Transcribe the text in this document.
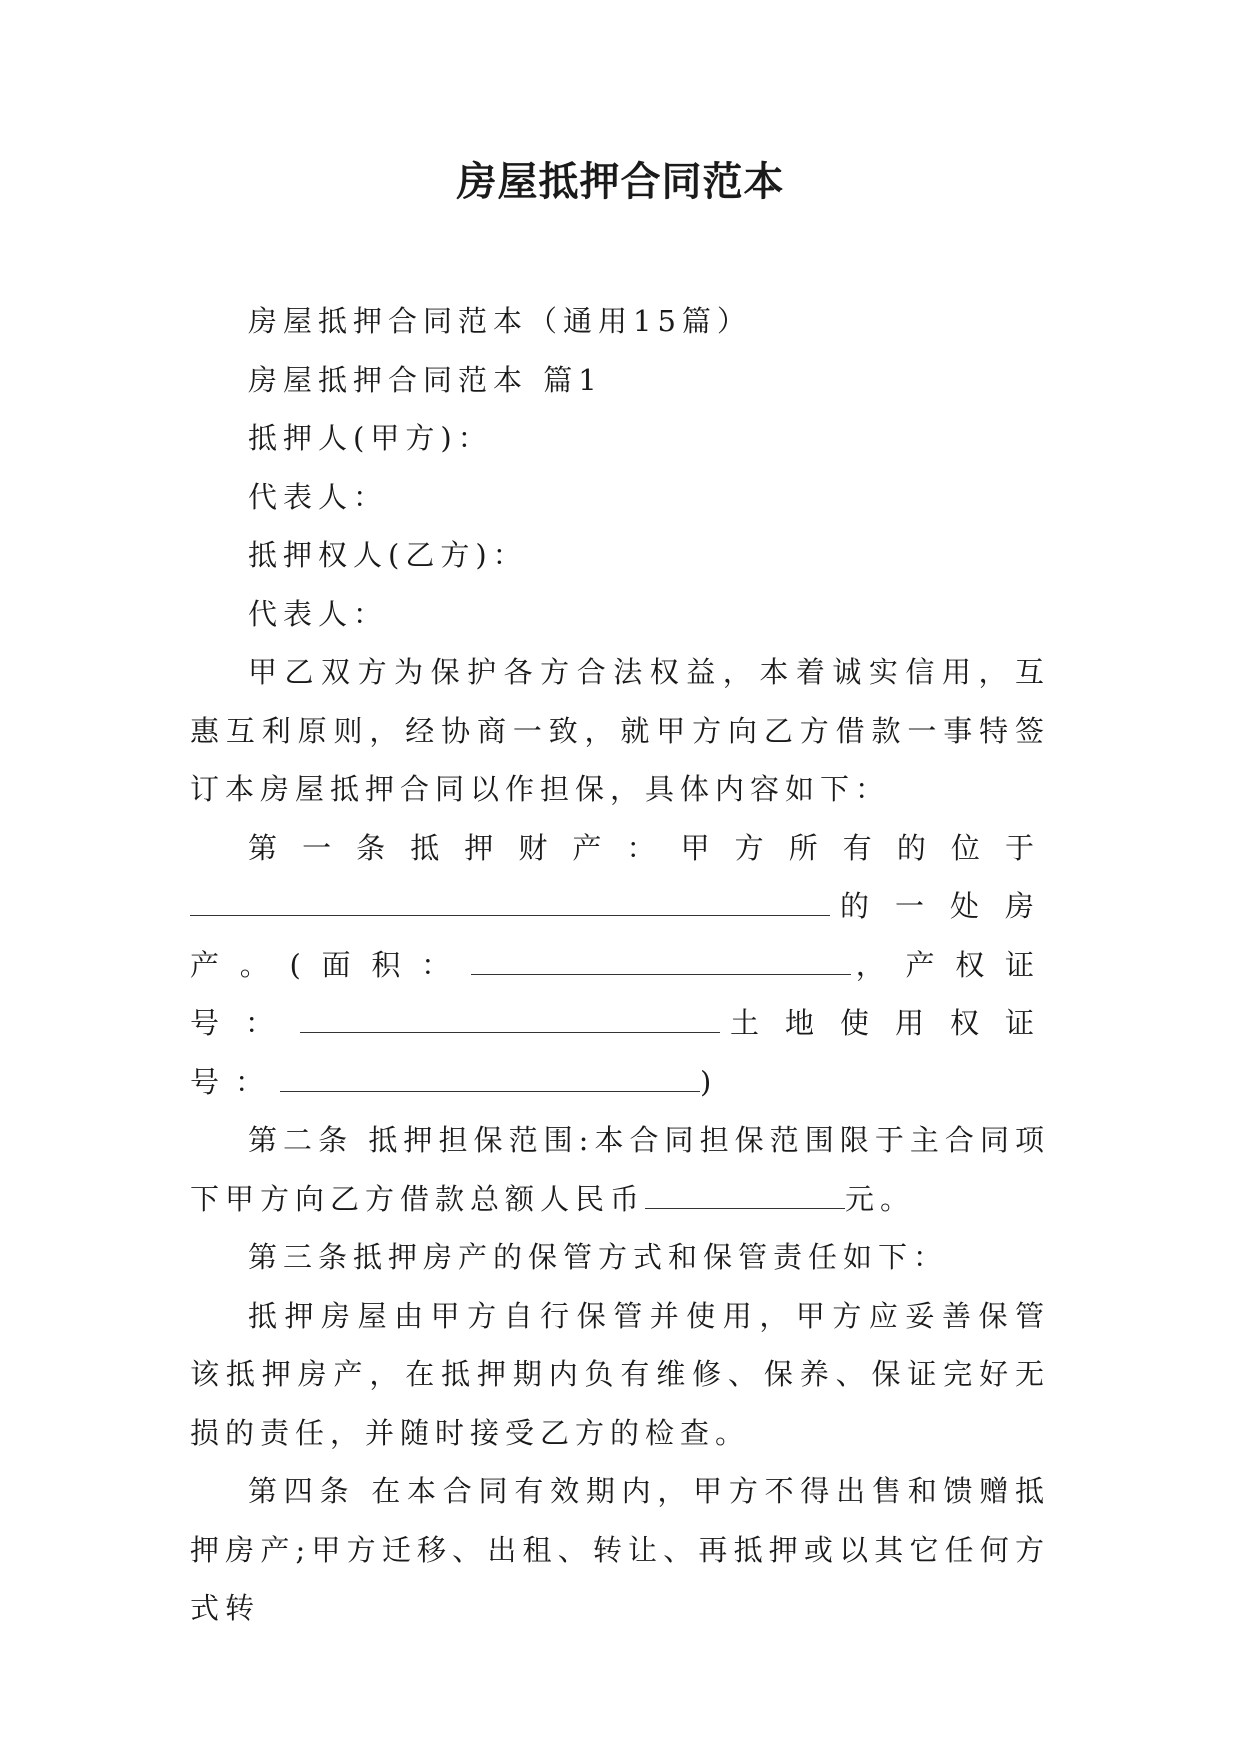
房屋抵押合同范本

房屋抵押合同范本（通用15篇）

房屋抵押合同范本 篇1

抵押人(甲方)：

代表人：

抵押权人(乙方)：

代表人：

甲乙双方为保护各方合法权益，本着诚实信用，互惠互利原则，经协商一致，就甲方向乙方借款一事特签订本房屋抵押合同以作担保，具体内容如下：

第一条抵押财产：甲方所有的位于的一处房产。(面积：	，产权证号：	土地使用权证号：	)

第二条 抵押担保范围:本合同担保范围限于主合同项下甲方向乙方借款总额人民币	元。

第三条抵押房产的保管方式和保管责任如下：

抵押房屋由甲方自行保管并使用，甲方应妥善保管该抵押房产，在抵押期内负有维修、保养、保证完好无损的责任，并随时接受乙方的检查。

第四条 在本合同有效期内，甲方不得出售和馈赠抵押房产;甲方迁移、出租、转让、再抵押或以其它任何方式转
